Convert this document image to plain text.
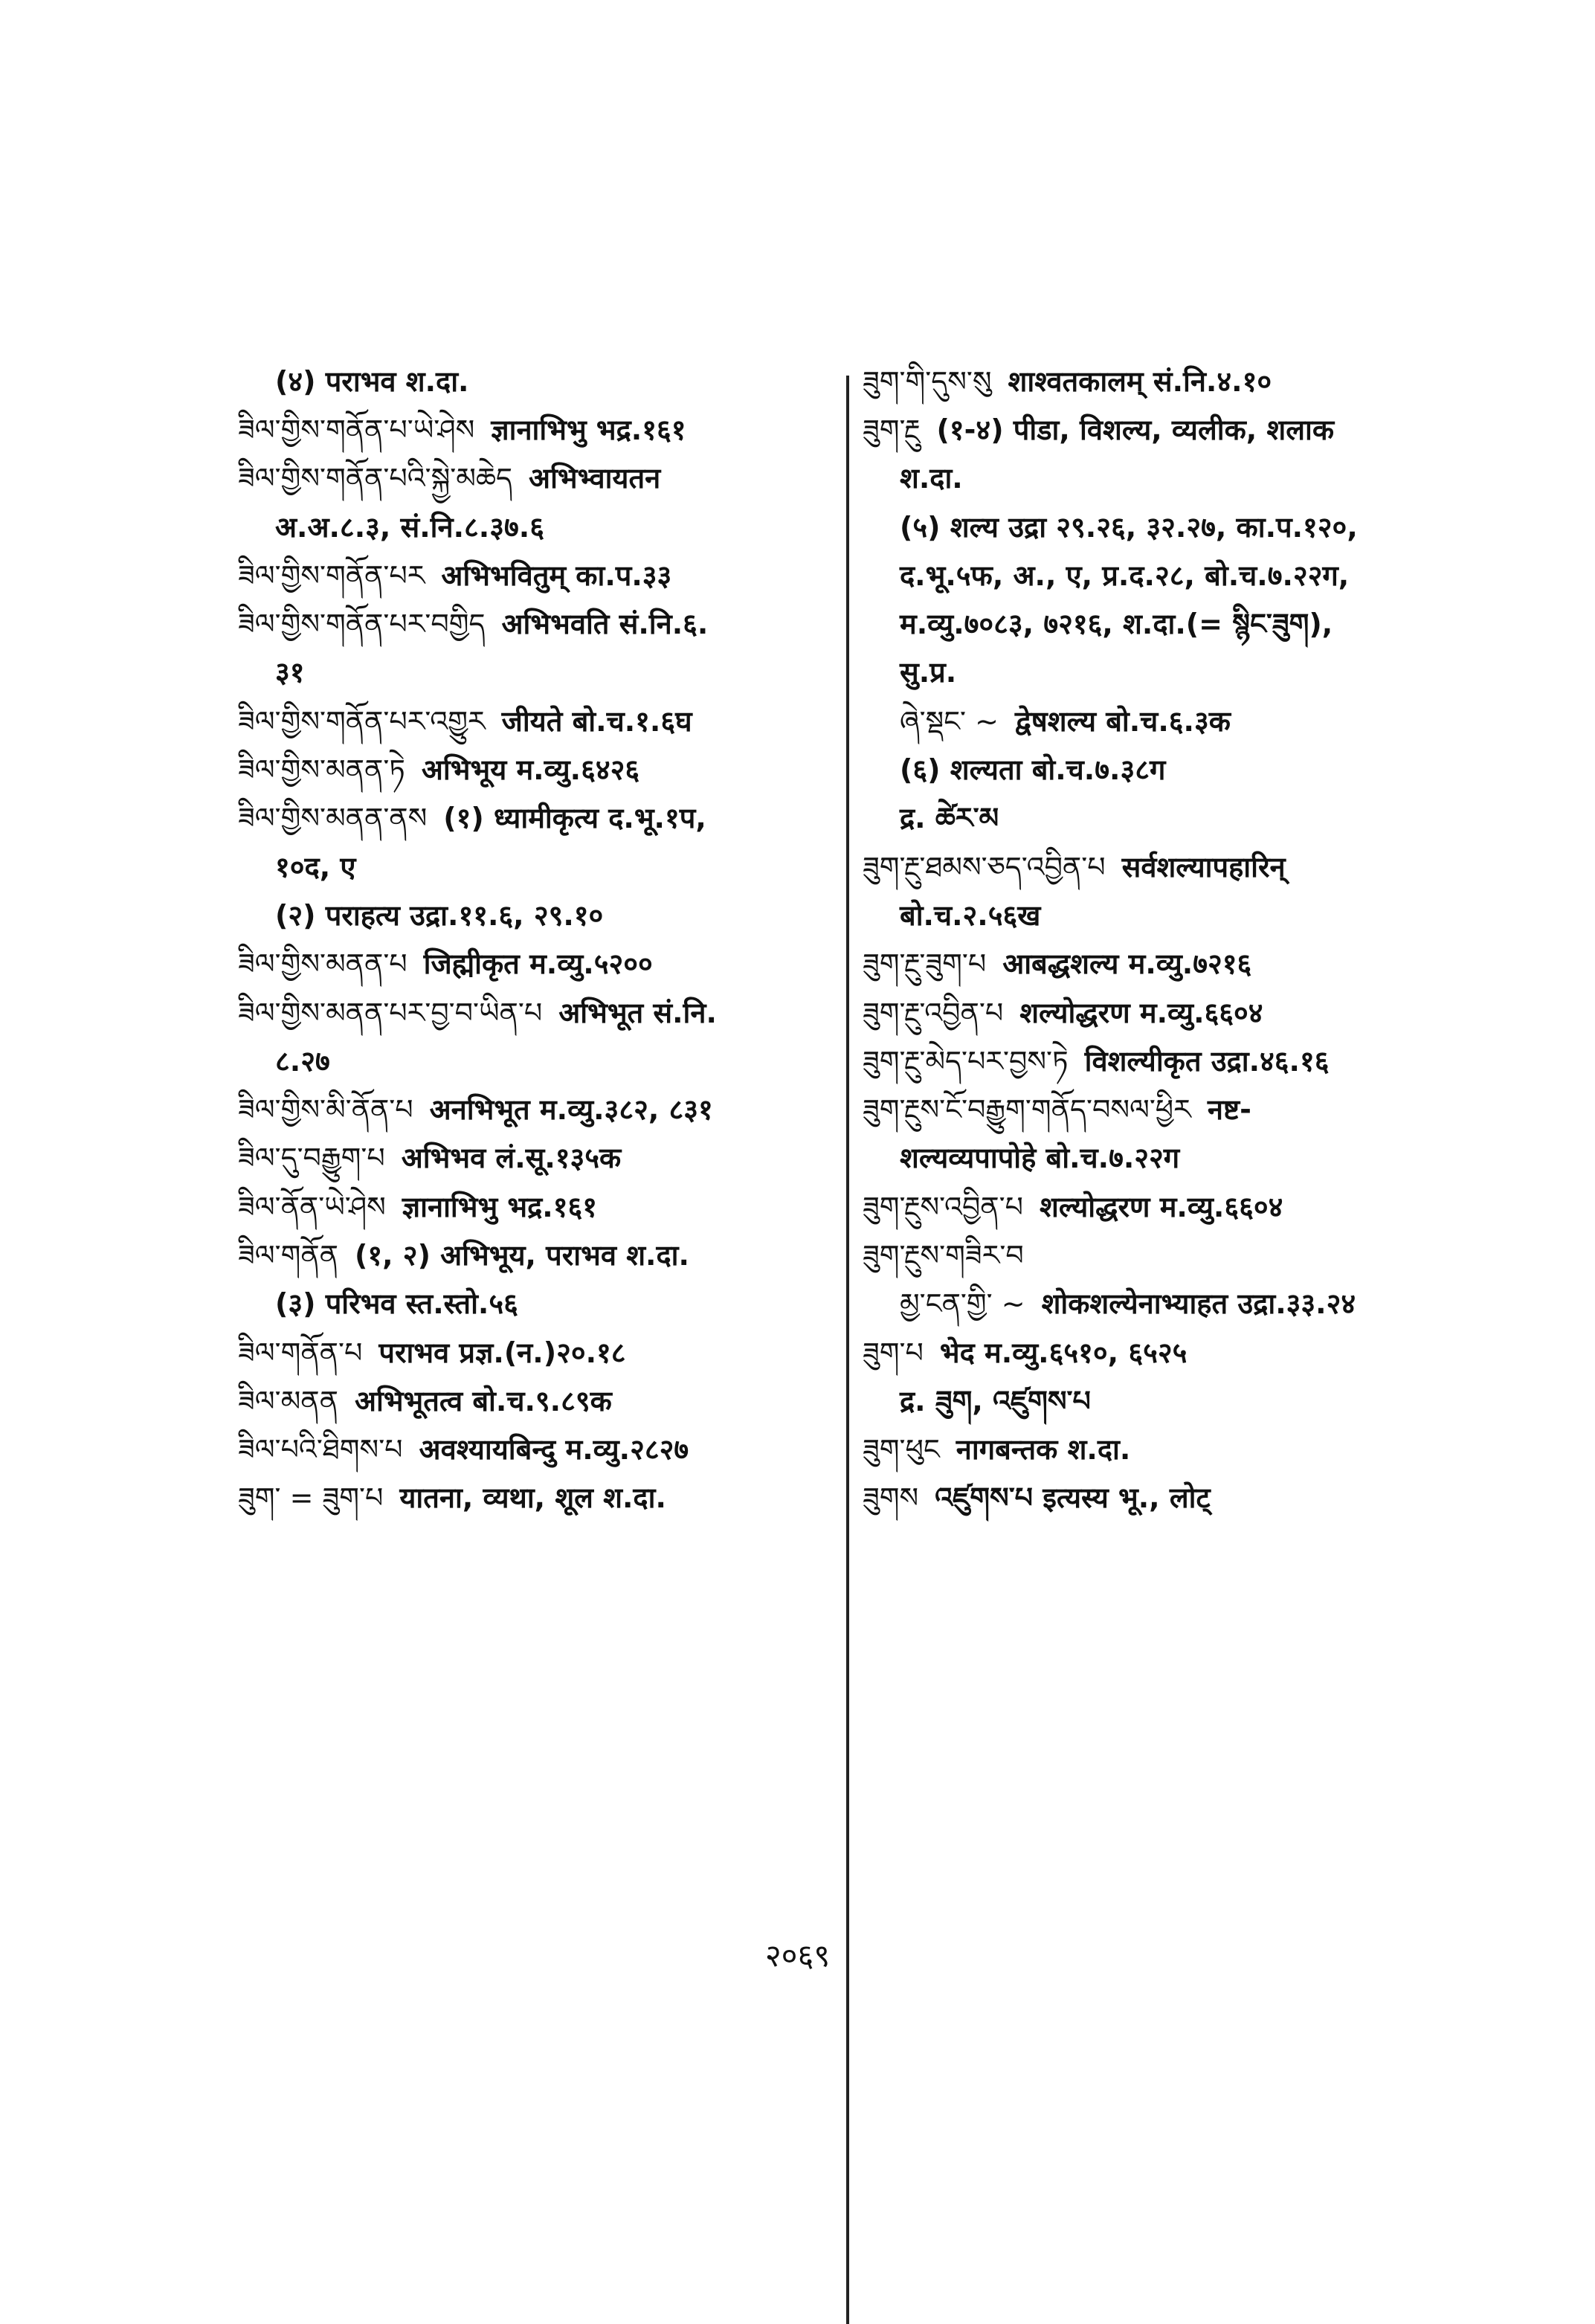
(४) पराभव श.दा.
ཟིལ་གྱིས་གནོན་པ་ཡེ་ཤེས ज्ञानाभिभु भद्र.१६१
ཟིལ་གྱིས་གནོན་པའི་སྐྱེ་མཆེད अभिभ्वायतन
अ.अ.८.३, सं.नि.८.३७.६
ཟིལ་གྱིས་གནོན་པར अभिभवितुम् का.प.३३
ཟིལ་གྱིས་གནོན་པར་བགྱིད अभिभवति सं.नि.६.
३१
ཟིལ་གྱིས་གནོན་པར་འགྱུར जीयते बो.च.१.६घ
ཟིལ་གྱིས་མནན་ཏེ अभिभूय म.व्यु.६४२६
ཟིལ་གྱིས་མནན་ནས (१) ध्यामीकृत्य द.भू.१प,
१०द, ए
(२) पराहत्य उद्रा.११.६, २९.१०
ཟིལ་གྱིས་མནན་པ जिह्मीकृत म.व्यु.५२००
ཟིལ་གྱིས་མནན་པར་བྱ་བ་ཡིན་པ अभिभूत सं.नि.
८.२७
ཟིལ་གྱིས་མི་ནོན་པ अनभिभूत म.व्यु.३८२, ८३१
ཟིལ་དུ་བརྒྱུག་པ अभिभव लं.सू.१३५क
ཟིལ་ནོན་ཡེ་ཤེས ज्ञानाभिभु भद्र.१६१
ཟིལ་གནོན (१, २) अभिभूय, पराभव श.दा.
(३) परिभव स्त.स्तो.५६
ཟིལ་གནོན་པ पराभव प्रज्ञ.(न.)२०.१८
ཟིལ་མནན अभिभूतत्व बो.च.९.८९क
ཟིལ་པའི་ཐིགས་པ अवश्यायबिन्दु म.व्यु.२८२७
ཟུག་ = ཟུག་པ यातना, व्यथा, शूल श.दा.
ཟུག་གི་དུས་སུ शाश्वतकालम् सं.नि.४.१०
ཟུག་རྔུ (१-४) पीडा, विशल्य, व्यलीक, शलाक
श.दा.
(५) शल्य उद्रा २९.२६, ३२.२७, का.प.१२०,
द.भू.५फ, अ., ए, प्र.द.२८, बो.च.७.२२ग,
म.व्यु.७०८३, ७२१६, श.दा.(= སྙིང་ཟུག),
सु.प्र.
ཞེ་སྡང་ ~ द्वेषशल्य बो.च.६.३क
(६) शल्यता बो.च.७.३८ग
द्र. ཚེར་མ
ཟུག་རྔུ་ཐམས་ཅད་འབྱིན་པ सर्वशल्यापहारिन्
बो.च.२.५६ख
ཟུག་རྔུ་ཟུག་པ आबद्धशल्य म.व्यु.७२१६
ཟུག་རྔུ་འབྱིན་པ शल्योद्धरण म.व्यु.६६०४
ཟུག་རྔུ་མེད་པར་བྱས་ཏེ विशल्यीकृत उद्रा.४६.१६
ཟུག་རྔུས་ངོ་བརྒྱུག་གནོད་བསལ་ཕྱིར नष्ट-
शल्यव्यपापोहे बो.च.७.२२ग
ཟུག་རྔུས་འབྱིན་པ शल्योद्धरण म.व्यु.६६०४
ཟུག་རྔུས་གཟིར་བ
མྱ་ངན་གྱི་ ~ शोकशल्येनाभ्याहत उद्रा.३३.२४
ཟུག་པ भेद म.व्यु.६५१०, ६५२५
द्र. ཟུག, འཛུགས་པ
ཟུག་ཕུང नागबन्तक श.दा.
ཟུགས འཛུགས་པ इत्यस्य भू., लोट्
२०६९
